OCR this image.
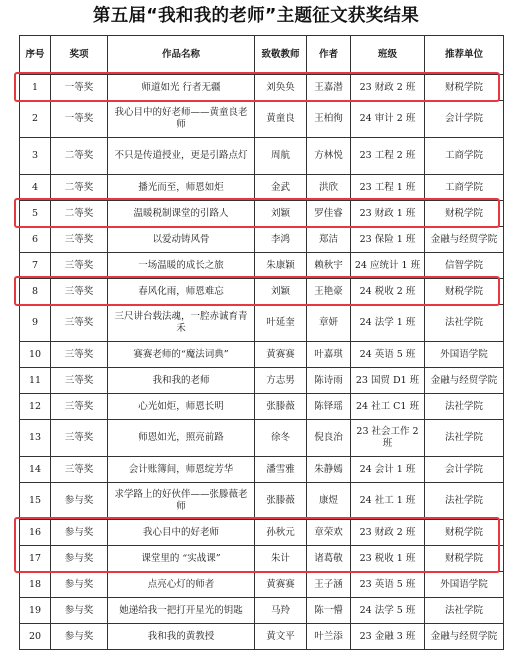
第五届“我和我的老师”主题征文获奖结果
序号	奖项	作品名称	致敬教师	作者	班级	推荐单位
1	一等奖	师道如光 行者无疆	刘奂奂	王嘉潜	23 财政 2 班	财税学院
2	一等奖	我心目中的好老师——黄童良老师	黄童良	王柏徇	24 审计 2 班	会计学院
3	二等奖	不只是传道授业，更是引路点灯	周航	方林悦	23 工程 2 班	工商学院
4	二等奖	播光而至，师恩如炬	金武	洪欣	23 工程 1 班	工商学院
5	二等奖	温暖税制课堂的引路人	刘颖	罗佳睿	23 财政 1 班	财税学院
6	三等奖	以爱动铸风骨	李鸿	郑洁	23 保险 1 班	金融与经贸学院
7	三等奖	一场温暖的成长之旅	朱康颖	赖秋宇	24 应统计 1 班	信智学院
8	三等奖	春风化雨，师恩难忘	刘颖	王艳豪	24 税收 2 班	财税学院
9	三等奖	三尺讲台载法魂，一腔赤诚育青禾	叶延奎	章妍	24 法学 1 班	法社学院
10	三等奖	赛赛老师的“魔法词典”	黄赛赛	叶嘉琪	24 英语 5 班	外国语学院
11	三等奖	我和我的老师	方志男	陈诗雨	23 国贸 D1 班	金融与经贸学院
12	三等奖	心光如炬，师恩长明	张滕薇	陈铎瑶	24 社工 C1 班	法社学院
13	三等奖	师恩如光，照亮前路	徐冬	倪良治	23 社会工作 2 班	法社学院
14	三等奖	会计账簿间，师恩绽芳华	潘雪雅	朱静嫣	24 会计 1 班	会计学院
15	参与奖	求学路上的好伙伴——张滕薇老师	张滕薇	康煜	24 社工 1 班	法社学院
16	参与奖	我心目中的好老师	孙秋元	章荣欢	23 财政 2 班	财税学院
17	参与奖	课堂里的 “实战课”	朱计	诸葛敬	23 税收 1 班	财税学院
18	参与奖	点亮心灯的师者	黄赛赛	王子涵	23 英语 5 班	外国语学院
19	参与奖	她递给我一把打开星光的钥匙	马羚	陈一懵	24 法学 5 班	法社学院
20	参与奖	我和我的黄教授	黄文平	叶兰添	23 金融 3 班	金融与经贸学院
